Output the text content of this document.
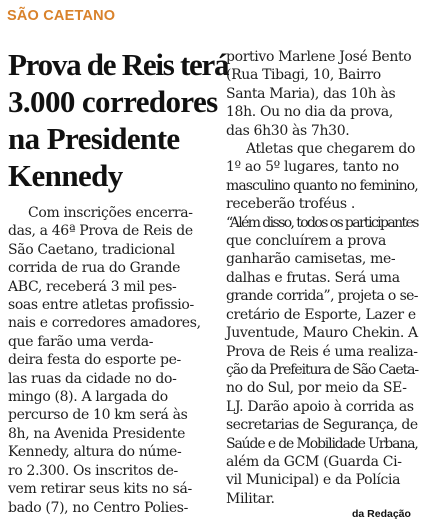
SÃO CAETANO
Prova de Reis terá
3.000 corredores
na Presidente
Kennedy
Com inscrições encerra-
das, a 46ª Prova de Reis de
São Caetano, tradicional
corrida de rua do Grande
ABC, receberá 3 mil pes-
soas entre atletas profissio-
nais e corredores amadores,
que farão uma verda-
deira festa do esporte pe-
las ruas da cidade no do-
mingo (8). A largada do
percurso de 10 km será às
8h, na Avenida Presidente
Kennedy, altura do núme-
ro 2.300. Os inscritos de-
vem retirar seus kits no sá-
bado (7), no Centro Polies-
portivo Marlene José Bento
(Rua Tibagi, 10, Bairro
Santa Maria), das 10h às
18h. Ou no dia da prova,
das 6h30 às 7h30.
Atletas que chegarem do
1º ao 5º lugares, tanto no
masculino quanto no feminino,
receberão troféus .
“Além disso, todos os participantes
que concluírem a prova
ganharão camisetas, me-
dalhas e frutas. Será uma
grande corrida”, projeta o se-
cretário de Esporte, Lazer e
Juventude, Mauro Chekin. A
Prova de Reis é uma realiza-
ção da Prefeitura de São Caeta-
no do Sul, por meio da SE-
LJ. Darão apoio à corrida as
secretarias de Segurança, de
Saúde e de Mobilidade Urbana,
além da GCM (Guarda Ci-
vil Municipal) e da Polícia
Militar.
da Redação
